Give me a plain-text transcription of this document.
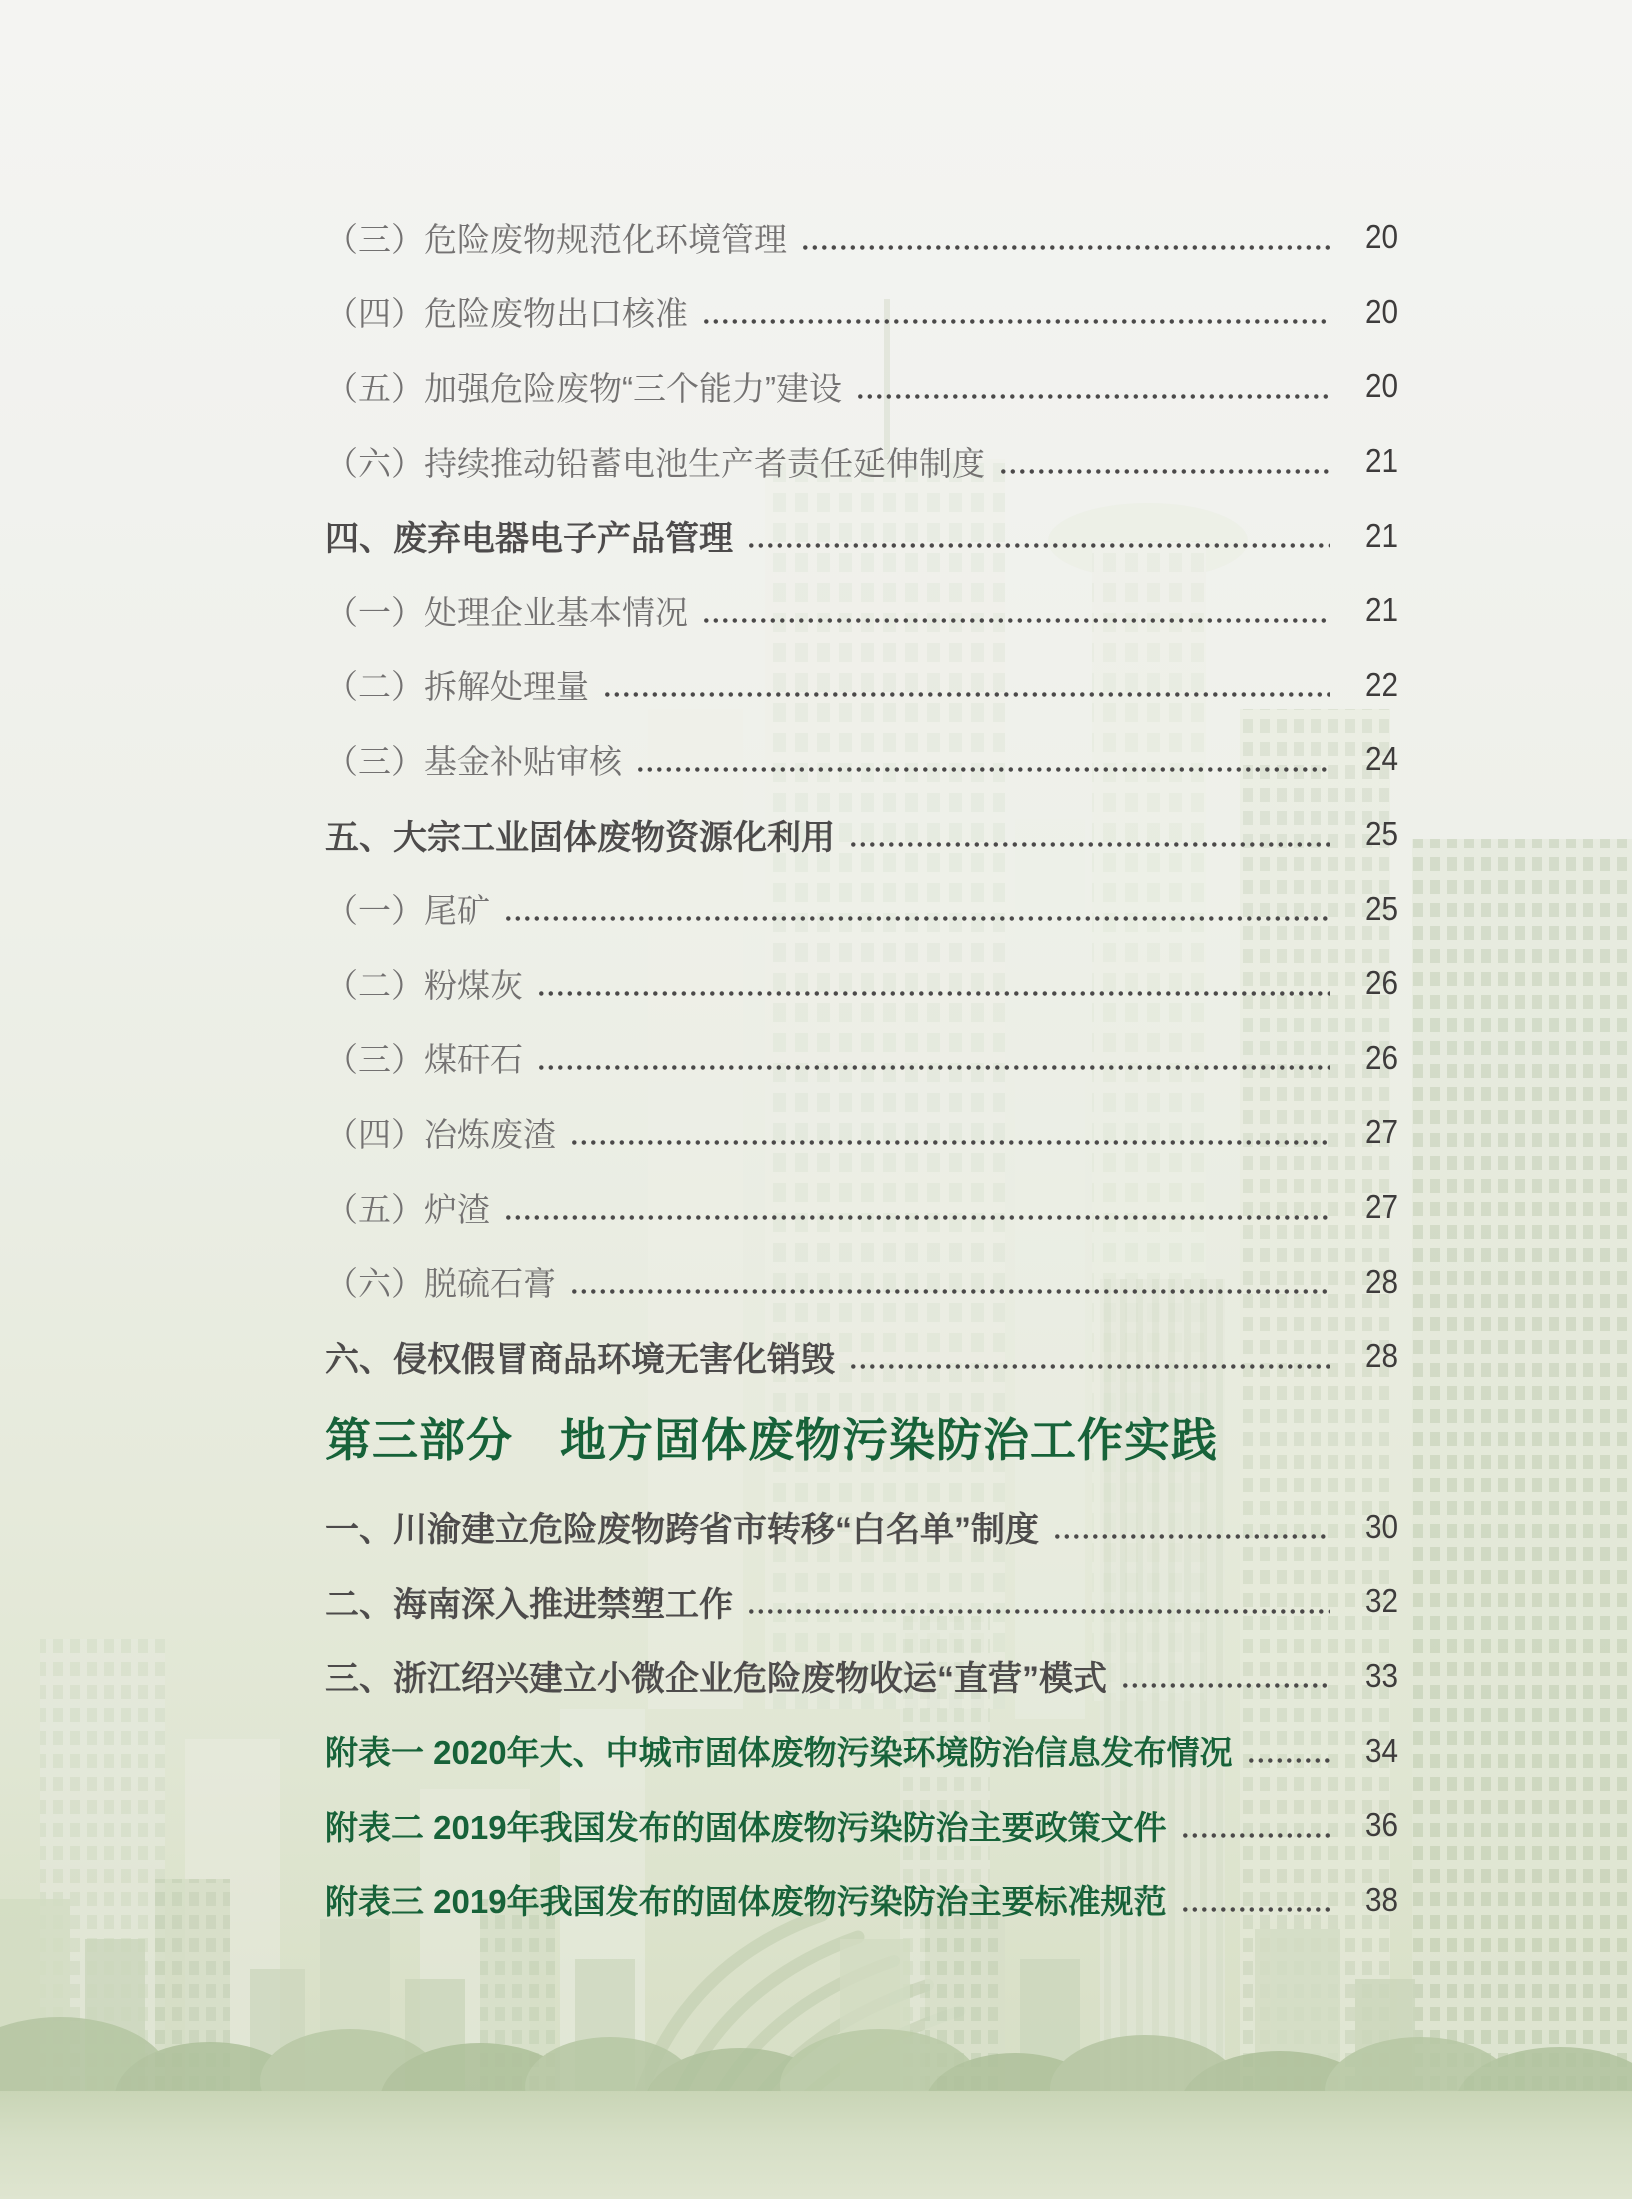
（三）危险废物规范化环境管理	20
（四）危险废物出口核准	20
（五）加强危险废物“三个能力”建设	20
（六）持续推动铅蓄电池生产者责任延伸制度	21
四、废弃电器电子产品管理	21
（一）处理企业基本情况	21
（二）拆解处理量	22
（三）基金补贴审核	24
五、大宗工业固体废物资源化利用	25
（一）尾矿	25
（二）粉煤灰	26
（三）煤矸石	26
（四）冶炼废渣	27
（五）炉渣	27
（六）脱硫石膏	28
六、侵权假冒商品环境无害化销毁	28
第三部分　地方固体废物污染防治工作实践
一、川渝建立危险废物跨省市转移“白名单”制度	30
二、海南深入推进禁塑工作	32
三、浙江绍兴建立小微企业危险废物收运“直营”模式	33
附表一 2020年大、中城市固体废物污染环境防治信息发布情况	34
附表二 2019年我国发布的固体废物污染防治主要政策文件	36
附表三 2019年我国发布的固体废物污染防治主要标准规范	38
